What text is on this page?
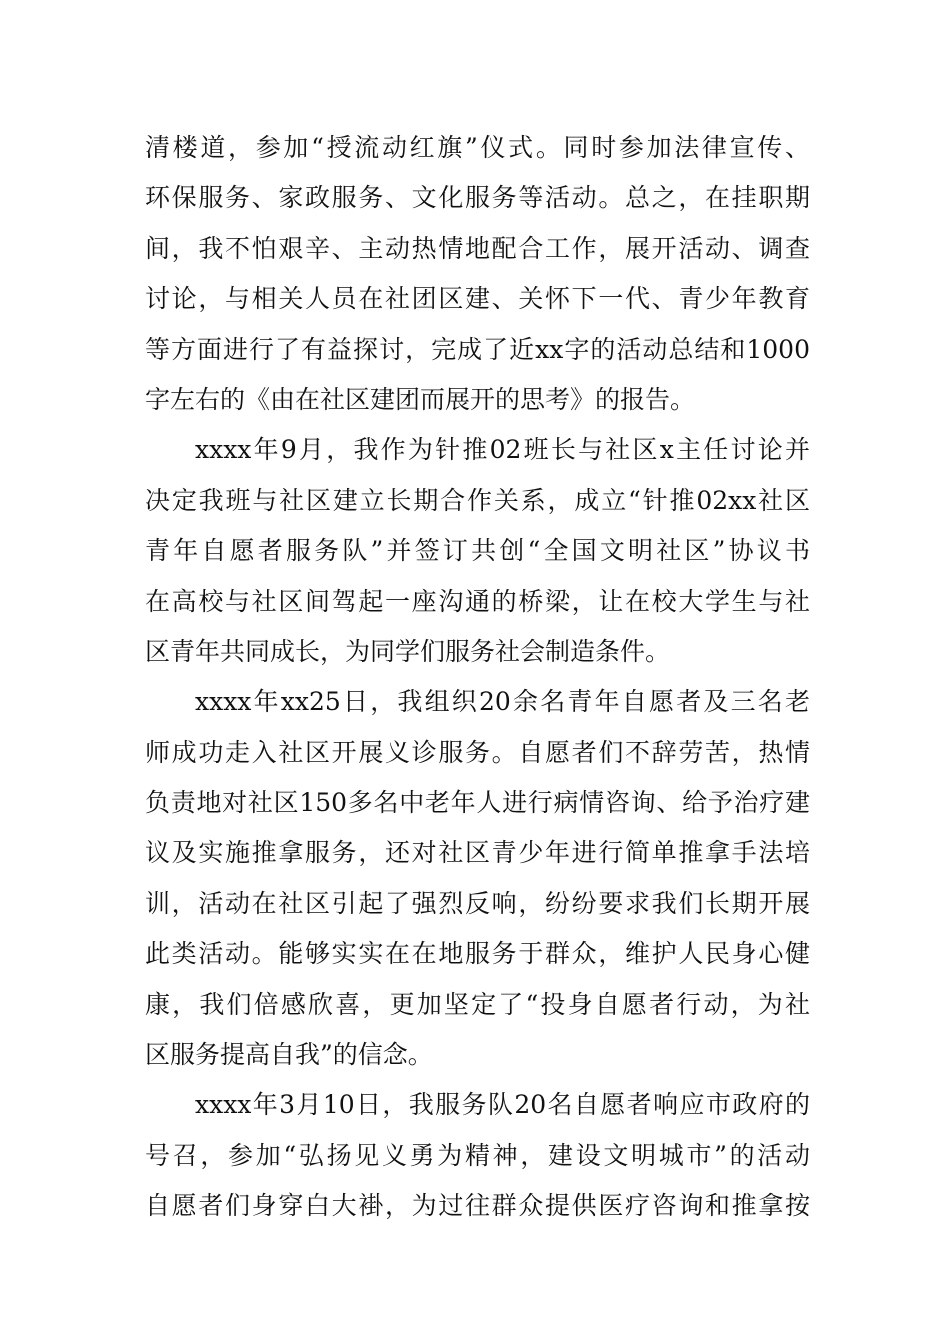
清楼道，参加“授流动红旗”仪式。同时参加法律宣传、
环保服务、家政服务、文化服务等活动。总之，在挂职期
间，我不怕艰辛、主动热情地配合工作，展开活动、调查
讨论，与相关人员在社团区建、关怀下一代、青少年教育
等方面进行了有益探讨，完成了近xx字的活动总结和1000
字左右的《由在社区建团而展开的思考》的报告。
xxxx年9月，我作为针推02班长与社区x主任讨论并
决定我班与社区建立长期合作关系，成立“针推02xx社区
青年自愿者服务队”并签订共创“全国文明社区”协议书
在高校与社区间驾起一座沟通的桥梁，让在校大学生与社
区青年共同成长，为同学们服务社会制造条件。
xxxx年xx25日，我组织20余名青年自愿者及三名老
师成功走入社区开展义诊服务。自愿者们不辞劳苦，热情
负责地对社区150多名中老年人进行病情咨询、给予治疗建
议及实施推拿服务，还对社区青少年进行简单推拿手法培
训，活动在社区引起了强烈反响，纷纷要求我们长期开展
此类活动。能够实实在在地服务于群众，维护人民身心健
康，我们倍感欣喜，更加坚定了“投身自愿者行动，为社
区服务提高自我”的信念。
xxxx年3月10日，我服务队20名自愿者响应市政府的
号召，参加“弘扬见义勇为精神，建设文明城市”的活动
自愿者们身穿白大褂，为过往群众提供医疗咨询和推拿按
